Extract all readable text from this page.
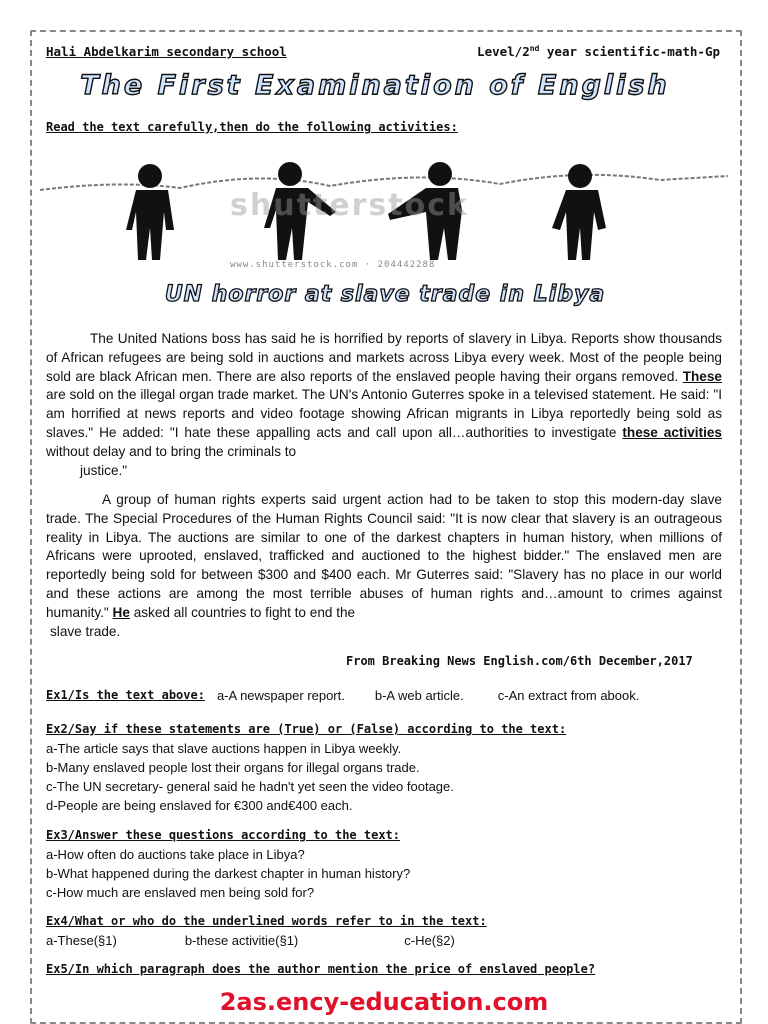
Hali Abdelkarim secondary school	Level/2nd year scientific-math-Gp
The First Examination of English
Read the text carefully,then do the following activities:
shutterstock
www.shutterstock.com · 204442288
UN horror at slave trade in Libya
The United Nations boss has said he is horrified by reports of slavery in Libya. Reports show thousands of African refugees are being sold in auctions and markets across Libya every week. Most of the people being sold are black African men. There are also reports of the enslaved people having their organs removed. These are sold on the illegal organ trade market. The UN's Antonio Guterres spoke in a televised statement. He said: "I am horrified at news reports and video footage showing African migrants in Libya reportedly being sold as slaves." He added: "I hate these appalling acts and call upon all…authorities to investigate these activities without delay and to bring the criminals to
justice."
A group of human rights experts said urgent action had to be taken to stop this modern-day slave trade. The Special Procedures of the Human Rights Council said: "It is now clear that slavery is an outrageous reality in Libya. The auctions are similar to one of the darkest chapters in human history, when millions of Africans were uprooted, enslaved, trafficked and auctioned to the highest bidder." The enslaved men are reportedly being sold for between $300 and $400 each. Mr Guterres said: "Slavery has no place in our world and these actions are among the most terrible abuses of human rights and…amount to crimes against humanity." He asked all countries to fight to end the
slave trade.
From Breaking News English.com/6th December,2017
Ex1/Is the text above: a-A newspaper report. b-A web article.	c-An extract from abook.
Ex2/Say if these statements are (True) or (False) according to the text:
a-The article says that slave auctions happen in Libya weekly.
b-Many enslaved people lost their organs for illegal organs trade.
c-The UN secretary- general said he hadn't yet seen the video footage.
d-People are being enslaved for €300 and€400 each.
Ex3/Answer these questions according to the text:
a-How often do auctions take place in Libya?
b-What happened during the darkest chapter in human history?
c-How much are enslaved men being sold for?
Ex4/What or who do the underlined words refer to in the text:
a-These(§1)	b-these activitie(§1)	c-He(§2)
Ex5/In which paragraph does the author mention the price of enslaved people?
2as.ency-education.com
